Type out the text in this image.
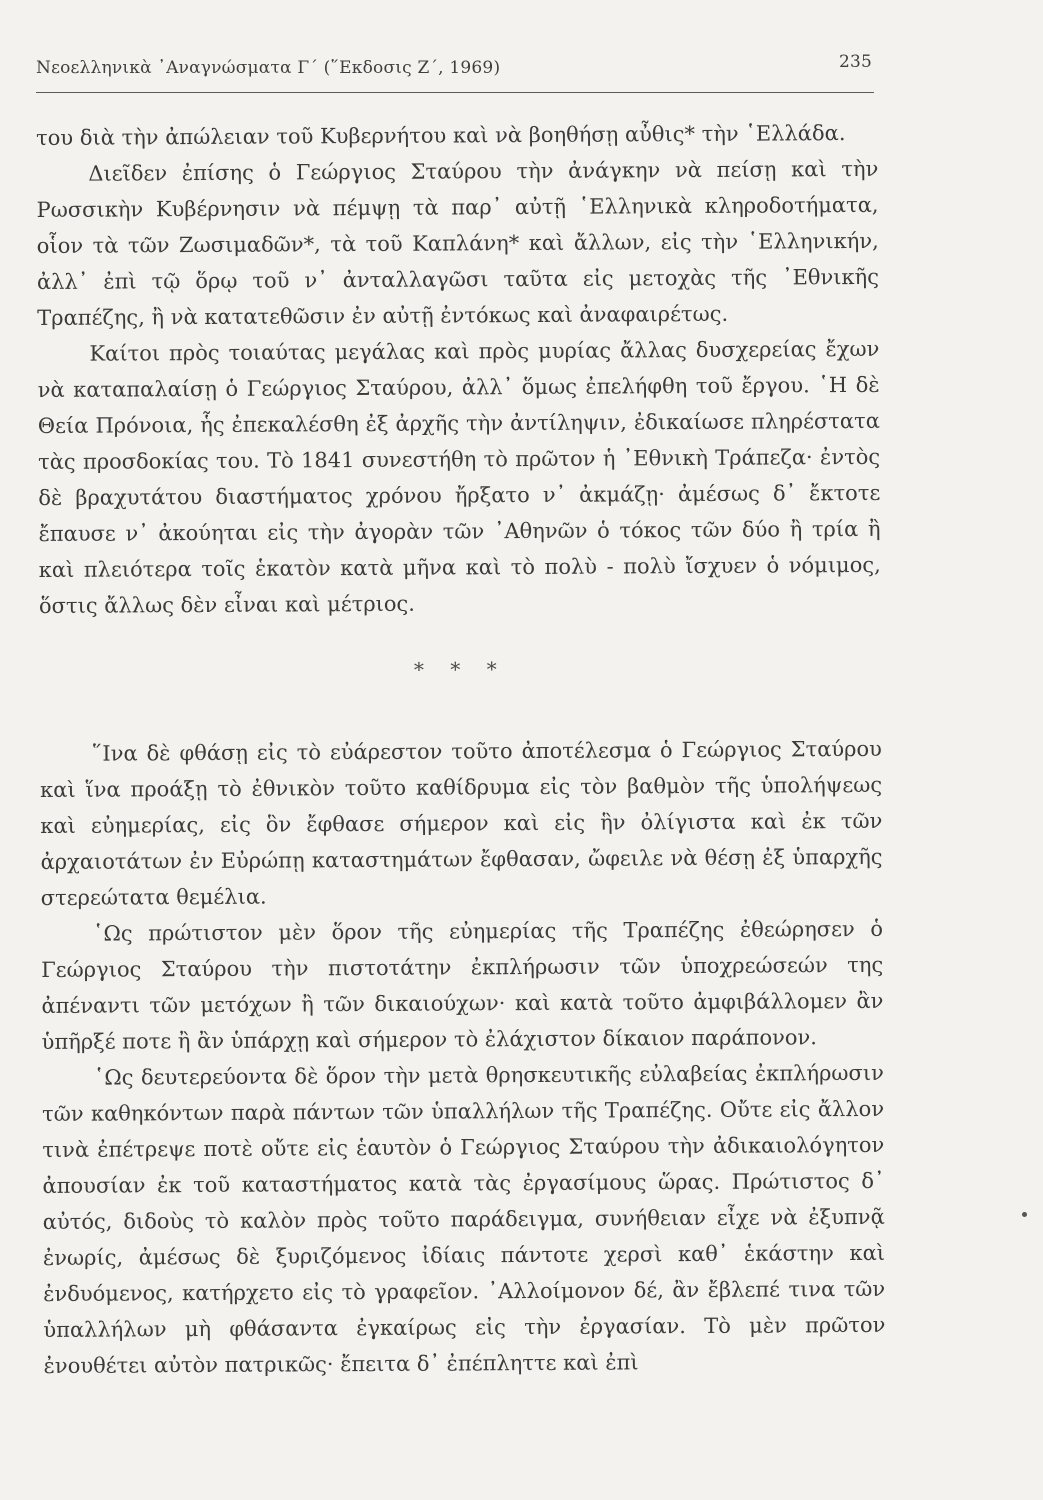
Νεοελληνικὰ ᾿Αναγνώσματα Γ΄ (῞Εκδοσις Ζ΄, 1969)	235

του διὰ τὴν ἀπώλειαν τοῦ Κυβερνήτου καὶ νὰ βοηθήσῃ αὖθις* τὴν ῾Ελλάδα.

Διεῖδεν ἐπίσης ὁ Γεώργιος Σταύρου τὴν ἀνάγκην νὰ πείσῃ καὶ τὴν Ρωσσικὴν Κυβέρνησιν νὰ πέμψῃ τὰ παρ᾿ αὐτῇ ῾Ελληνικὰ κληροδοτήματα, οἷον τὰ τῶν Ζωσιμαδῶν*, τὰ τοῦ Καπλάνη* καὶ ἄλλων, εἰς τὴν ῾Ελληνικήν, ἀλλ᾿ ἐπὶ τῷ ὅρῳ τοῦ ν᾿ ἀνταλλαγῶσι ταῦτα εἰς μετοχὰς τῆς ᾿Εθνικῆς Τραπέζης, ἢ νὰ κατατεθῶσιν ἐν αὐτῇ ἐντόκως καὶ ἀναφαιρέτως.

Καίτοι πρὸς τοιαύτας μεγάλας καὶ πρὸς μυρίας ἄλλας δυσχερείας ἔχων νὰ καταπαλαίσῃ ὁ Γεώργιος Σταύρου, ἀλλ᾿ ὅμως ἐπελήφθη τοῦ ἔργου. ῾Η δὲ Θεία Πρόνοια, ἧς ἐπεκαλέσθη ἐξ ἀρχῆς τὴν ἀντίληψιν, ἐδικαίωσε πληρέστατα τὰς προσδοκίας του. Τὸ 1841 συνεστήθη τὸ πρῶτον ἡ ᾿Εθνικὴ Τράπεζα· ἐντὸς δὲ βραχυτάτου διαστήματος χρόνου ἤρξατο ν᾿ ἀκμάζῃ· ἀμέσως δ᾿ ἔκτοτε ἔπαυσε ν᾿ ἀκούηται εἰς τὴν ἀγορὰν τῶν ᾿Αθηνῶν ὁ τόκος τῶν δύο ἢ τρία ἢ καὶ πλειότερα τοῖς ἑκατὸν κατὰ μῆνα καὶ τὸ πολὺ - πολὺ ἴσχυεν ὁ νόμιμος, ὅστις ἄλλως δὲν εἶναι καὶ μέτριος.

* * *

῞Ινα δὲ φθάσῃ εἰς τὸ εὐάρεστον τοῦτο ἀποτέλεσμα ὁ Γεώργιος Σταύρου καὶ ἵνα προάξῃ τὸ ἐθνικὸν τοῦτο καθίδρυμα εἰς τὸν βαθμὸν τῆς ὑπολήψεως καὶ εὐημερίας, εἰς ὃν ἔφθασε σήμερον καὶ εἰς ἣν ὀλίγιστα καὶ ἐκ τῶν ἀρχαιοτάτων ἐν Εὐρώπῃ καταστημάτων ἔφθασαν, ὤφειλε νὰ θέσῃ ἐξ ὑπαρχῆς στερεώτατα θεμέλια.

῾Ως πρώτιστον μὲν ὅρον τῆς εὐημερίας τῆς Τραπέζης ἐθεώρησεν ὁ Γεώργιος Σταύρου τὴν πιστοτάτην ἐκπλήρωσιν τῶν ὑποχρεώσεών της ἀπέναντι τῶν μετόχων ἢ τῶν δικαιούχων· καὶ κατὰ τοῦτο ἀμφιβάλλομεν ἂν ὑπῆρξέ ποτε ἢ ἂν ὑπάρχῃ καὶ σήμερον τὸ ἐλάχιστον δίκαιον παράπονον.

῾Ως δευτερεύοντα δὲ ὅρον τὴν μετὰ θρησκευτικῆς εὐλαβείας ἐκπλήρωσιν τῶν καθηκόντων παρὰ πάντων τῶν ὑπαλλήλων τῆς Τραπέζης. Οὔτε εἰς ἄλλον τινὰ ἐπέτρεψε ποτὲ οὔτε εἰς ἑαυτὸν ὁ Γεώργιος Σταύρου τὴν ἀδικαιολόγητον ἀπουσίαν ἐκ τοῦ καταστήματος κατὰ τὰς ἐργασίμους ὥρας. Πρώτιστος δ᾿ αὐτός, διδοὺς τὸ καλὸν πρὸς τοῦτο παράδειγμα, συνήθειαν εἶχε νὰ ἐξυπνᾷ ἐνωρίς, ἀμέσως δὲ ξυριζόμενος ἰδίαις πάντοτε χερσὶ καθ᾿ ἑκάστην καὶ ἐνδυόμενος, κατήρχετο εἰς τὸ γραφεῖον. ᾿Αλλοίμονον δέ, ἂν ἔβλεπέ τινα τῶν ὑπαλλήλων μὴ φθάσαντα ἐγκαίρως εἰς τὴν ἐργασίαν. Τὸ μὲν πρῶτον ἐνουθέτει αὐτὸν πατρικῶς· ἔπειτα δ᾿ ἐπέπληττε καὶ ἐπὶ
